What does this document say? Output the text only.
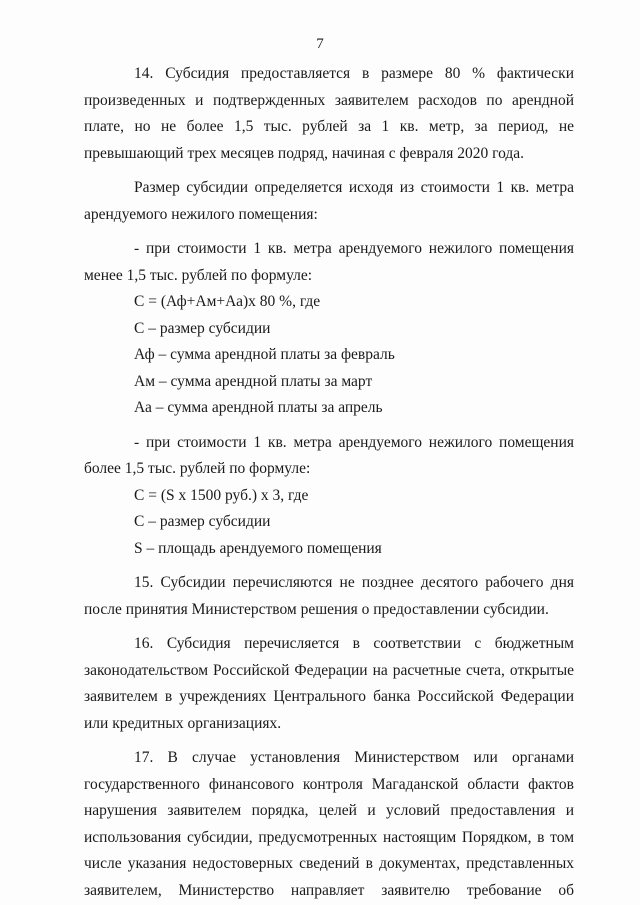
7

14. Субсидия предоставляется в размере 80 % фактически произведенных и подтвержденных заявителем расходов по арендной плате, но не более 1,5 тыс. рублей за 1 кв. метр, за период, не превышающий трех месяцев подряд, начиная с февраля 2020 года.

Размер субсидии определяется исходя из стоимости 1 кв. метра арендуемого нежилого помещения:

- при стоимости 1 кв. метра арендуемого нежилого помещения менее 1,5 тыс. рублей по формуле:

С = (Аф+Ам+Аа)х 80 %, где

С – размер субсидии

Аф – сумма арендной платы за февраль

Ам – сумма арендной платы за март

Аа – сумма арендной платы за апрель

- при стоимости 1 кв. метра арендуемого нежилого помещения более 1,5 тыс. рублей по формуле:

С = (S х 1500 руб.) х 3, где

С – размер субсидии

S – площадь арендуемого помещения

15. Субсидии перечисляются не позднее десятого рабочего дня после принятия Министерством решения о предоставлении субсидии.

16. Субсидия перечисляется в соответствии с бюджетным законодательством Российской Федерации на расчетные счета, открытые заявителем в учреждениях Центрального банка Российской Федерации или кредитных организациях.

17. В случае установления Министерством или органами государственного финансового контроля Магаданской области фактов нарушения заявителем порядка, целей и условий предоставления и использования субсидии, предусмотренных настоящим Порядком, в том числе указания недостоверных сведений в документах, представленных заявителем, Министерство направляет заявителю требование об
